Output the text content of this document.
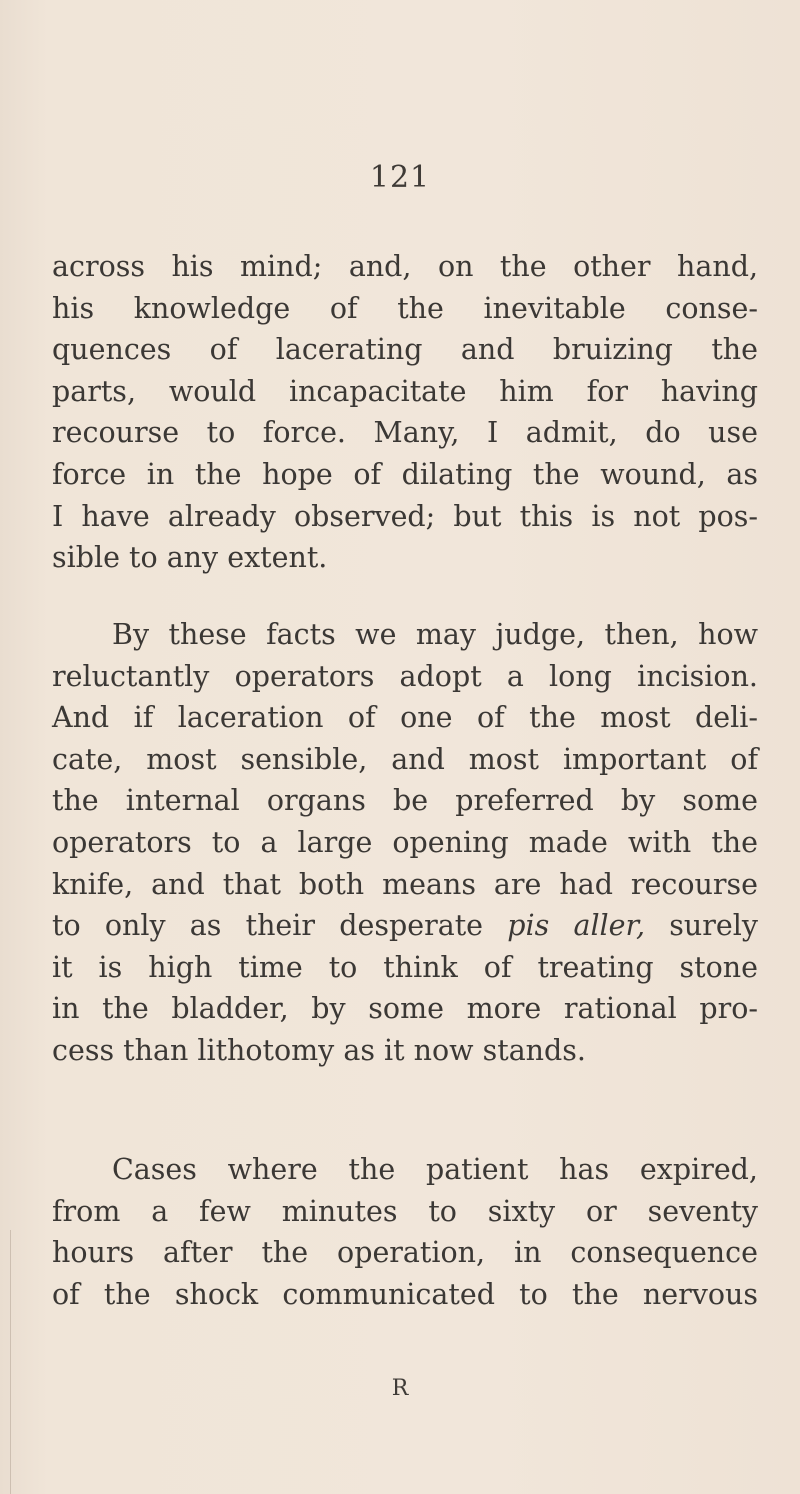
121
across his mind; and, on the other hand,
his knowledge of the inevitable conse-
quences of lacerating and bruizing the
parts, would incapacitate him for having
recourse to force. Many, I admit, do use
force in the hope of dilating the wound, as
I have already observed; but this is not pos-
sible to any extent.
By these facts we may judge, then, how
reluctantly operators adopt a long incision.
And if laceration of one of the most deli-
cate, most sensible, and most important of
the internal organs be preferred by some
operators to a large opening made with the
knife, and that both means are had recourse
to only as their desperate pis aller, surely
it is high time to think of treating stone
in the bladder, by some more rational pro-
cess than lithotomy as it now stands.
Cases where the patient has expired,
from a few minutes to sixty or seventy
hours after the operation, in consequence
of the shock communicated to the nervous
R
